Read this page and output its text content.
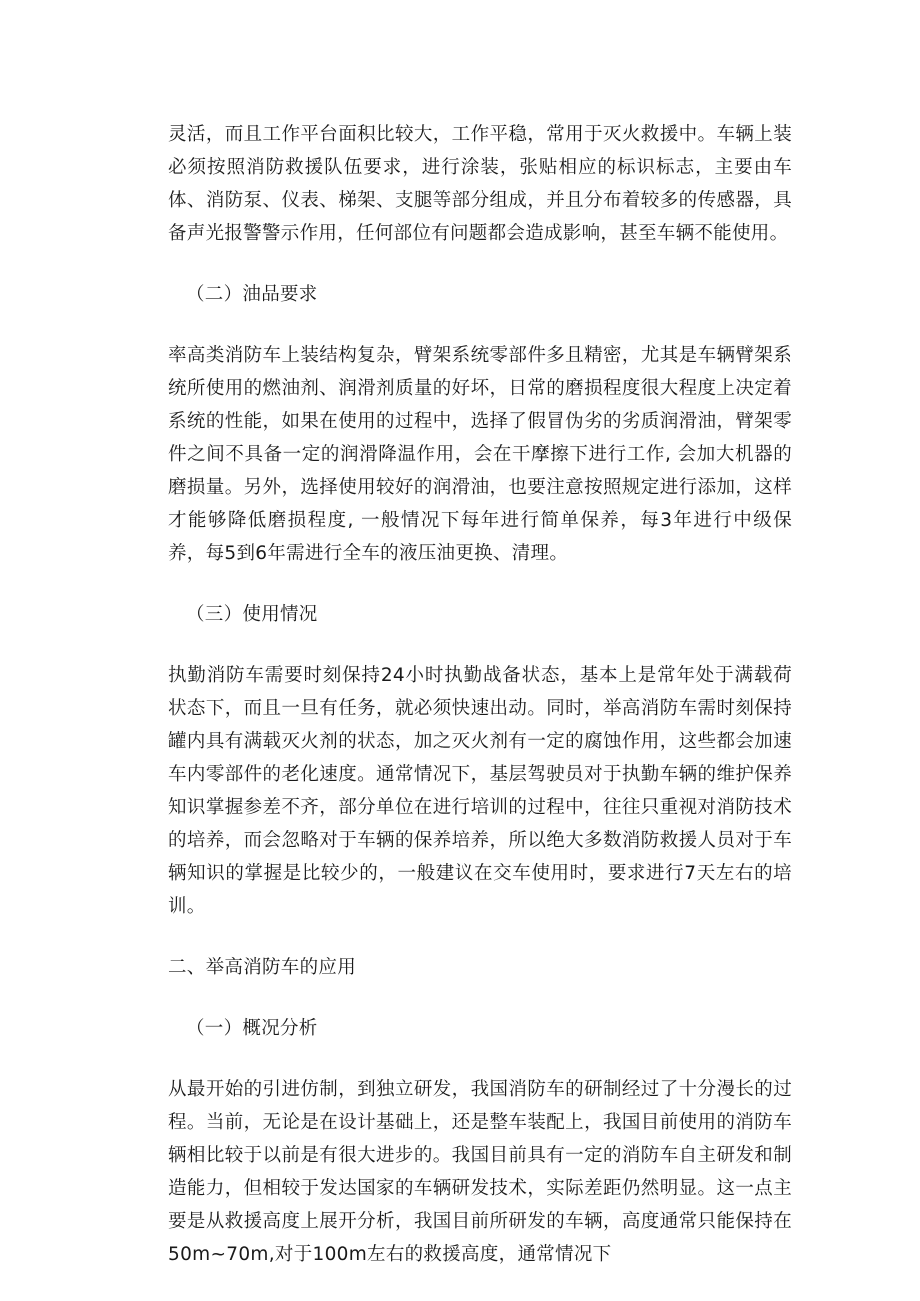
灵活，而且工作平台面积比较大，工作平稳，常用于灭火救援中。车辆上装必须按照消防救援队伍要求，进行涂装，张贴相应的标识标志，主要由车体、消防泵、仪表、梯架、支腿等部分组成，并且分布着较多的传感器，具备声光报警警示作用，任何部位有问题都会造成影响，甚至车辆不能使用。

（二）油品要求

率高类消防车上装结构复杂，臂架系统零部件多且精密，尤其是车辆臂架系统所使用的燃油剂、润滑剂质量的好坏，日常的磨损程度很大程度上决定着系统的性能，如果在使用的过程中，选择了假冒伪劣的劣质润滑油，臂架零件之间不具备一定的润滑降温作用，会在干摩擦下进行工作, 会加大机器的磨损量。另外，选择使用较好的润滑油，也要注意按照规定进行添加，这样才能够降低磨损程度, 一般情况下每年进行简单保养，每3年进行中级保养，每5到6年需进行全车的液压油更换、清理。

（三）使用情况

执勤消防车需要时刻保持24小时执勤战备状态，基本上是常年处于满载荷状态下，而且一旦有任务，就必须快速出动。同时，举高消防车需时刻保持罐内具有满载灭火剂的状态，加之灭火剂有一定的腐蚀作用，这些都会加速车内零部件的老化速度。通常情况下，基层驾驶员对于执勤车辆的维护保养知识掌握参差不齐，部分单位在进行培训的过程中，往往只重视对消防技术的培养，而会忽略对于车辆的保养培养，所以绝大多数消防救援人员对于车辆知识的掌握是比较少的，一般建议在交车使用时，要求进行7天左右的培训。

二、举高消防车的应用

（一）概况分析

从最开始的引进仿制，到独立研发，我国消防车的研制经过了十分漫长的过程。当前，无论是在设计基础上，还是整车装配上，我国目前使用的消防车辆相比较于以前是有很大进步的。我国目前具有一定的消防车自主研发和制造能力，但相较于发达国家的车辆研发技术，实际差距仍然明显。这一点主要是从救援高度上展开分析，我国目前所研发的车辆，高度通常只能保持在50m~70m,对于100m左右的救援高度，通常情况下
